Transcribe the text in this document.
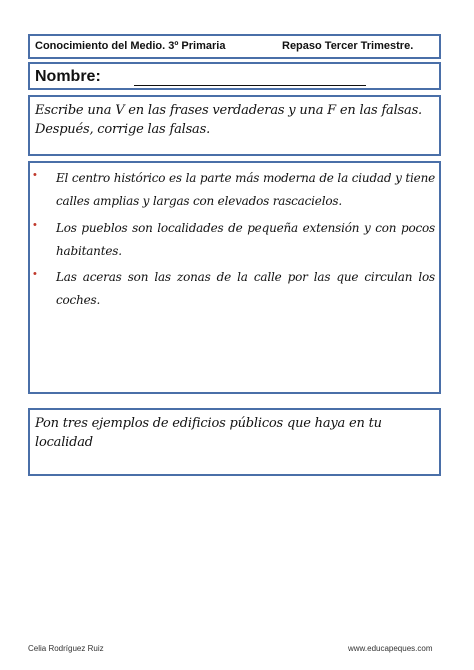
Conocimiento del Medio. 3º Primaria	Repaso Tercer Trimestre.
Nombre:

Escribe una V en las frases verdaderas y una F en las falsas. Después, corrige las falsas.

• El centro histórico es la parte más moderna de la ciudad y tiene calles amplias y largas con elevados rascacielos.
• Los pueblos son localidades de pequeña extensión y con pocos habitantes.
• Las aceras son las zonas de la calle por las que circulan los coches.

Pon tres ejemplos de edificios públicos que haya en tu localidad

Celia Rodríguez Ruiz	www.educapeques.com
